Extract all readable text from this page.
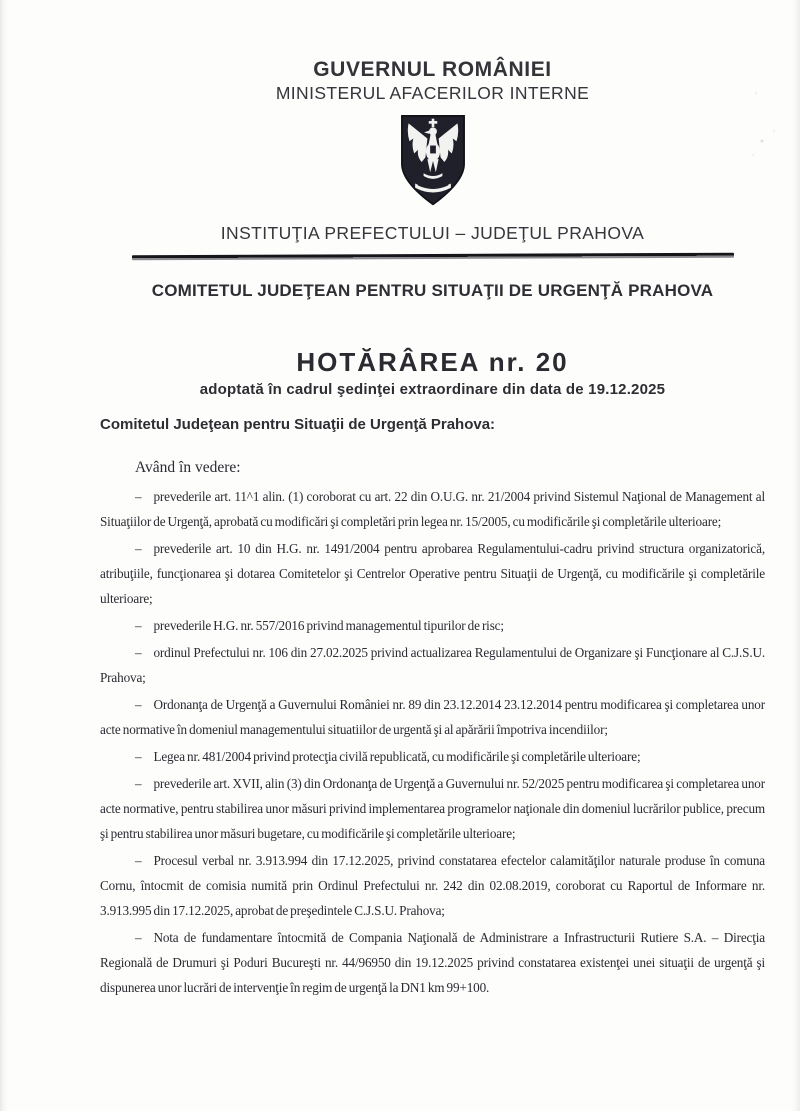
GUVERNUL ROMÂNIEI
MINISTERUL AFACERILOR INTERNE
INSTITUŢIA PREFECTULUI – JUDEŢUL PRAHOVA
COMITETUL JUDEŢEAN PENTRU SITUAŢII DE URGENŢĂ PRAHOVA
HOTĂRÂREA nr. 20
adoptată în cadrul şedinţei extraordinare din data de 19.12.2025
Comitetul Judeţean pentru Situaţii de Urgenţă Prahova:
Având în vedere:

– prevederile art. 11^1 alin. (1) coroborat cu art. 22 din O.U.G. nr. 21/2004 privind Sistemul Naţional de Management al Situaţiilor de Urgenţă, aprobată cu modificări şi completări prin legea nr. 15/2005, cu modificările şi completările ulterioare;

– prevederile art. 10 din H.G. nr. 1491/2004 pentru aprobarea Regulamentului-cadru privind structura organizatorică, atribuţiile, funcţionarea şi dotarea Comitetelor şi Centrelor Operative pentru Situaţii de Urgenţă, cu modificările şi completările ulterioare;

– prevederile H.G. nr. 557/2016 privind managementul tipurilor de risc;

– ordinul Prefectului nr. 106 din 27.02.2025 privind actualizarea Regulamentului de Organizare şi Funcţionare al C.J.S.U. Prahova;

– Ordonanţa de Urgenţă a Guvernului României nr. 89 din 23.12.2014 23.12.2014 pentru modificarea şi completarea unor acte normative în domeniul managementului situatiilor de urgentă şi al apărării împotriva incendiilor;

– Legea nr. 481/2004 privind protecţia civilă republicată, cu modificările şi completările ulterioare;

– prevederile art. XVII, alin (3) din Ordonanţa de Urgenţă a Guvernului nr. 52/2025 pentru modificarea şi completarea unor acte normative, pentru stabilirea unor măsuri privind implementarea programelor naţionale din domeniul lucrărilor publice, precum şi pentru stabilirea unor măsuri bugetare, cu modificările şi completările ulterioare;

– Procesul verbal nr. 3.913.994 din 17.12.2025, privind constatarea efectelor calamităţilor naturale produse în comuna Cornu, întocmit de comisia numită prin Ordinul Prefectului nr. 242 din 02.08.2019, coroborat cu Raportul de Informare nr. 3.913.995 din 17.12.2025, aprobat de preşedintele C.J.S.U. Prahova;

– Nota de fundamentare întocmită de Compania Naţională de Administrare a Infrastructurii Rutiere S.A. – Direcţia Regională de Drumuri şi Poduri Bucureşti nr. 44/96950 din 19.12.2025 privind constatarea existenţei unei situaţii de urgenţă şi dispunerea unor lucrări de intervenţie în regim de urgenţă la DN1 km 99+100.
